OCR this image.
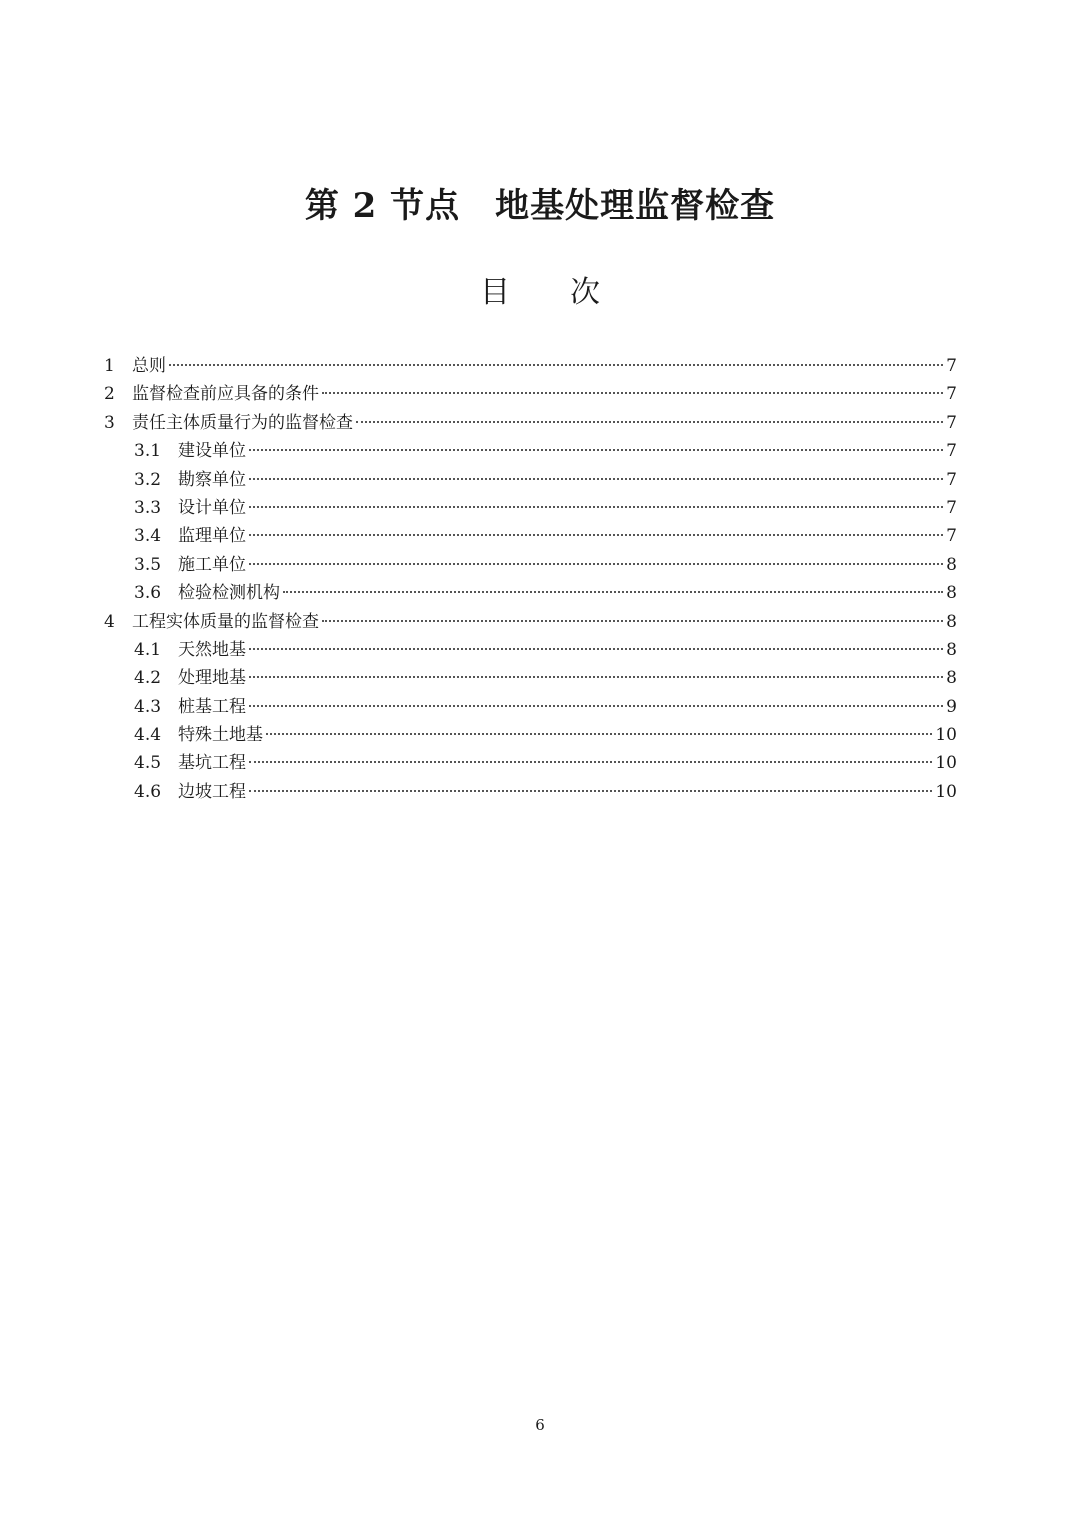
第 2 节点　地基处理监督检查
目　　次
1	总则	7
2	监督检查前应具备的条件	7
3	责任主体质量行为的监督检查	7
3.1 建设单位	7
3.2 勘察单位	7
3.3 设计单位	7
3.4 监理单位	7
3.5 施工单位	8
3.6 检验检测机构	8
4	工程实体质量的监督检查	8
4.1 天然地基	8
4.2 处理地基	8
4.3 桩基工程	9
4.4 特殊土地基	10
4.5 基坑工程	10
4.6 边坡工程	10
6
